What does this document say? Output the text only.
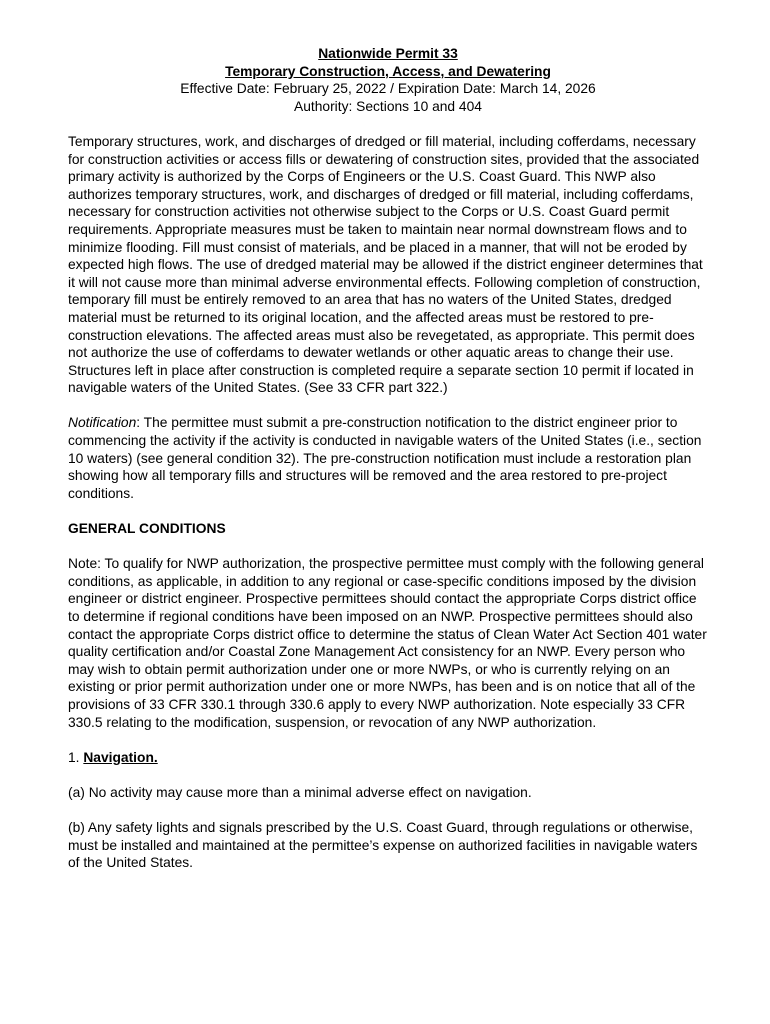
Nationwide Permit 33
Temporary Construction, Access, and Dewatering
Effective Date: February 25, 2022 / Expiration Date: March 14, 2026
Authority: Sections 10 and 404

Temporary structures, work, and discharges of dredged or fill material, including cofferdams, necessary for construction activities or access fills or dewatering of construction sites, provided that the associated primary activity is authorized by the Corps of Engineers or the U.S. Coast Guard. This NWP also authorizes temporary structures, work, and discharges of dredged or fill material, including cofferdams, necessary for construction activities not otherwise subject to the Corps or U.S. Coast Guard permit requirements. Appropriate measures must be taken to maintain near normal downstream flows and to minimize flooding. Fill must consist of materials, and be placed in a manner, that will not be eroded by expected high flows. The use of dredged material may be allowed if the district engineer determines that it will not cause more than minimal adverse environmental effects. Following completion of construction, temporary fill must be entirely removed to an area that has no waters of the United States, dredged material must be returned to its original location, and the affected areas must be restored to pre-construction elevations. The affected areas must also be revegetated, as appropriate. This permit does not authorize the use of cofferdams to dewater wetlands or other aquatic areas to change their use. Structures left in place after construction is completed require a separate section 10 permit if located in navigable waters of the United States. (See 33 CFR part 322.)

Notification: The permittee must submit a pre-construction notification to the district engineer prior to commencing the activity if the activity is conducted in navigable waters of the United States (i.e., section 10 waters) (see general condition 32). The pre-construction notification must include a restoration plan showing how all temporary fills and structures will be removed and the area restored to pre-project conditions.

GENERAL CONDITIONS

Note: To qualify for NWP authorization, the prospective permittee must comply with the following general conditions, as applicable, in addition to any regional or case-specific conditions imposed by the division engineer or district engineer. Prospective permittees should contact the appropriate Corps district office to determine if regional conditions have been imposed on an NWP. Prospective permittees should also contact the appropriate Corps district office to determine the status of Clean Water Act Section 401 water quality certification and/or Coastal Zone Management Act consistency for an NWP. Every person who may wish to obtain permit authorization under one or more NWPs, or who is currently relying on an existing or prior permit authorization under one or more NWPs, has been and is on notice that all of the provisions of 33 CFR 330.1 through 330.6 apply to every NWP authorization. Note especially 33 CFR 330.5 relating to the modification, suspension, or revocation of any NWP authorization.

1. Navigation.

(a) No activity may cause more than a minimal adverse effect on navigation.

(b) Any safety lights and signals prescribed by the U.S. Coast Guard, through regulations or otherwise, must be installed and maintained at the permittee’s expense on authorized facilities in navigable waters of the United States.
